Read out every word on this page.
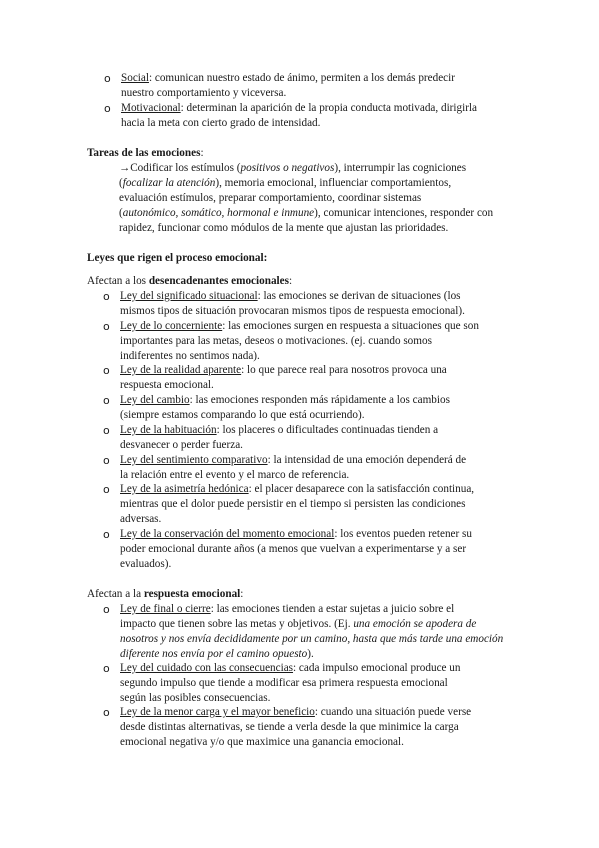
o Social: comunican nuestro estado de ánimo, permiten a los demás predecir
nuestro comportamiento y viceversa.
o Motivacional: determinan la aparición de la propia conducta motivada, dirigirla
hacia la meta con cierto grado de intensidad.
Tareas de las emociones:
→Codificar los estímulos (positivos o negativos), interrumpir las cogniciones
(focalizar la atención), memoria emocional, influenciar comportamientos,
evaluación estímulos, preparar comportamiento, coordinar sistemas
(autonómico, somático, hormonal e inmune), comunicar intenciones, responder con
rapidez, funcionar como módulos de la mente que ajustan las prioridades.
Leyes que rigen el proceso emocional:
Afectan a los desencadenantes emocionales:
o Ley del significado situacional: las emociones se derivan de situaciones (los
mismos tipos de situación provocaran mismos tipos de respuesta emocional).
o Ley de lo concerniente: las emociones surgen en respuesta a situaciones que son
importantes para las metas, deseos o motivaciones. (ej. cuando somos
indiferentes no sentimos nada).
o Ley de la realidad aparente: lo que parece real para nosotros provoca una
respuesta emocional.
o Ley del cambio: las emociones responden más rápidamente a los cambios
(siempre estamos comparando lo que está ocurriendo).
o Ley de la habituación: los placeres o dificultades continuadas tienden a
desvanecer o perder fuerza.
o Ley del sentimiento comparativo: la intensidad de una emoción dependerá de
la relación entre el evento y el marco de referencia.
o Ley de la asimetría hedónica: el placer desaparece con la satisfacción continua,
mientras que el dolor puede persistir en el tiempo si persisten las condiciones
adversas.
o Ley de la conservación del momento emocional: los eventos pueden retener su
poder emocional durante años (a menos que vuelvan a experimentarse y a ser
evaluados).
Afectan a la respuesta emocional:
o Ley de final o cierre: las emociones tienden a estar sujetas a juicio sobre el
impacto que tienen sobre las metas y objetivos. (Ej. una emoción se apodera de
nosotros y nos envía decididamente por un camino, hasta que más tarde una emoción
diferente nos envía por el camino opuesto).
o Ley del cuidado con las consecuencias: cada impulso emocional produce un
segundo impulso que tiende a modificar esa primera respuesta emocional
según las posibles consecuencias.
o Ley de la menor carga y el mayor beneficio: cuando una situación puede verse
desde distintas alternativas, se tiende a verla desde la que minimice la carga
emocional negativa y/o que maximice una ganancia emocional.
